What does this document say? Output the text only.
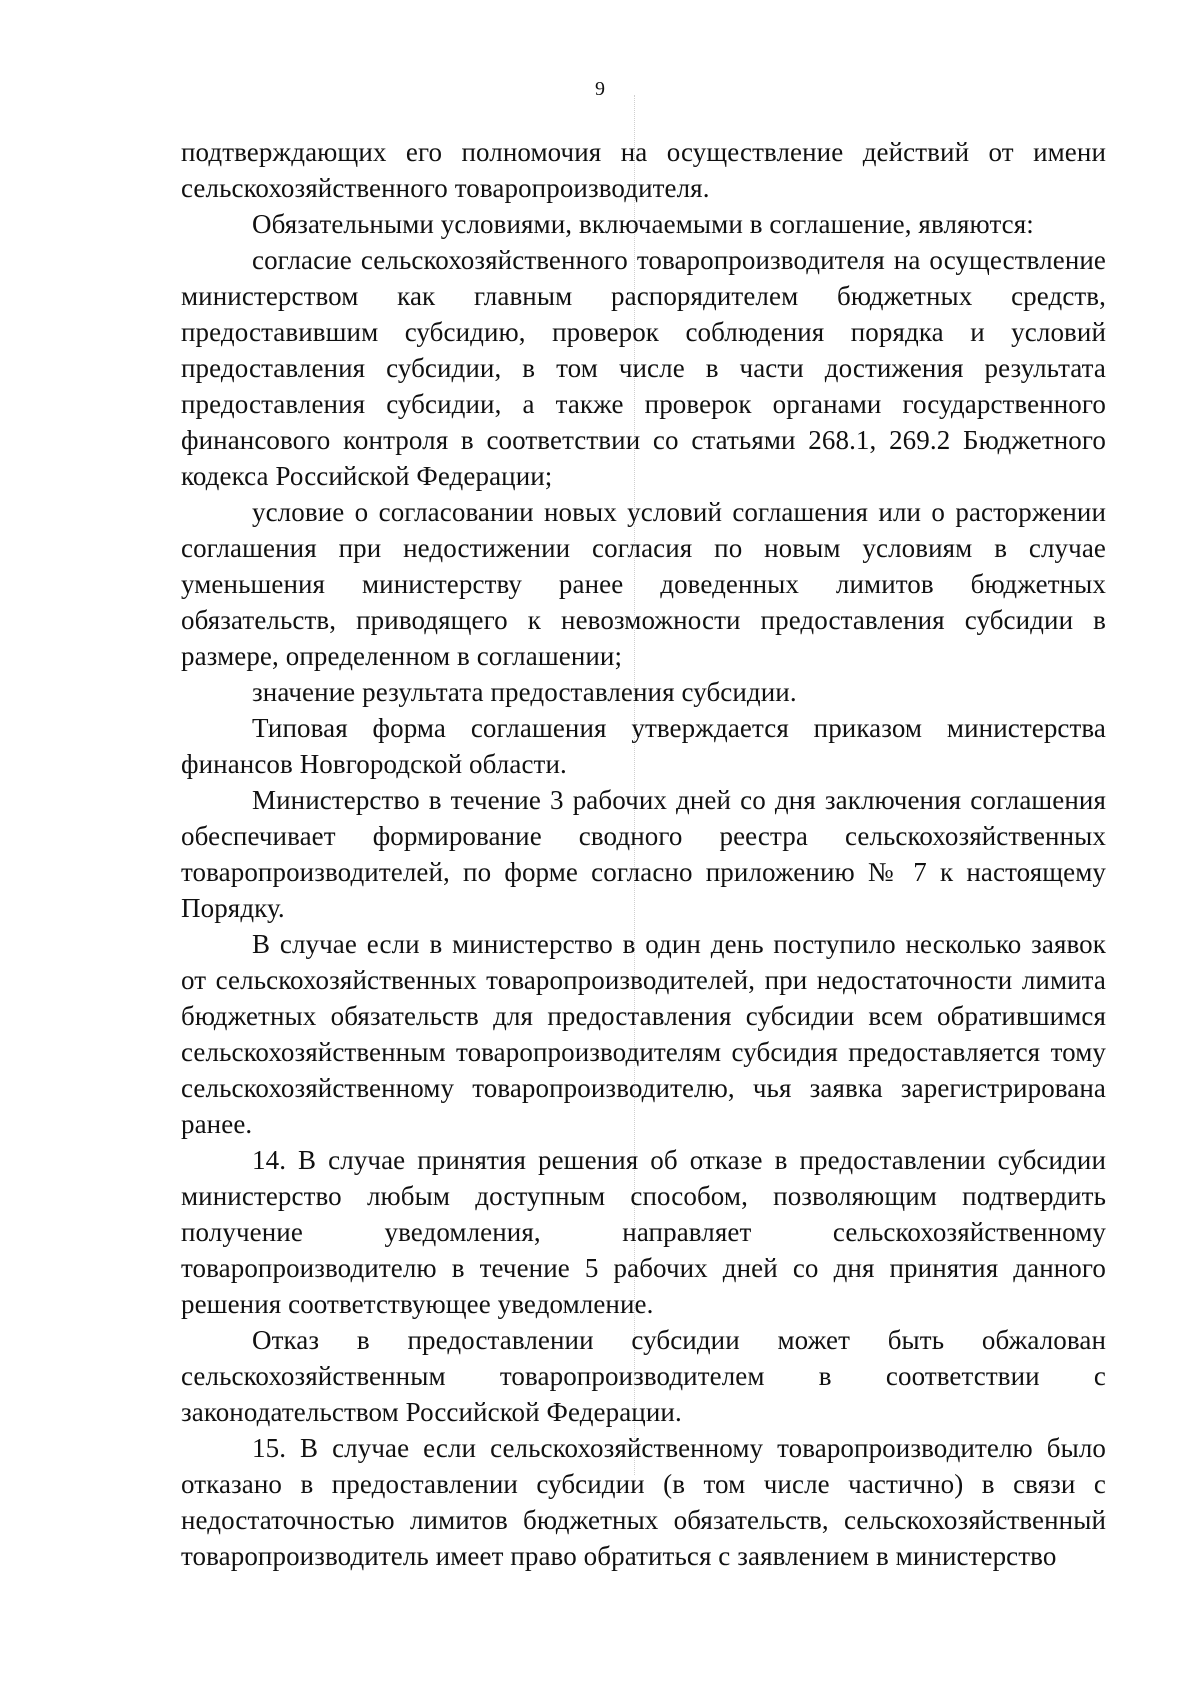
9

подтверждающих его полномочия на осуществление действий от имени сельскохозяйственного товаропроизводителя.

Обязательными условиями, включаемыми в соглашение, являются:

согласие сельскохозяйственного товаропроизводителя на осуществление министерством как главным распорядителем бюджетных средств, предоставившим субсидию, проверок соблюдения порядка и условий предоставления субсидии, в том числе в части достижения результата предоставления субсидии, а также проверок органами государственного финансового контроля в соответствии со статьями 268.1, 269.2 Бюджетного кодекса Российской Федерации;

условие о согласовании новых условий соглашения или о расторжении соглашения при недостижении согласия по новым условиям в случае уменьшения министерству ранее доведенных лимитов бюджетных обязательств, приводящего к невозможности предоставления субсидии в размере, определенном в соглашении;

значение результата предоставления субсидии.

Типовая форма соглашения утверждается приказом министерства финансов Новгородской области.

Министерство в течение 3 рабочих дней со дня заключения соглашения обеспечивает формирование сводного реестра сельскохозяйственных товаропроизводителей, по форме согласно приложению № 7 к настоящему Порядку.

В случае если в министерство в один день поступило несколько заявок от сельскохозяйственных товаропроизводителей, при недостаточности лимита бюджетных обязательств для предоставления субсидии всем обратившимся сельскохозяйственным товаропроизводителям субсидия предоставляется тому сельскохозяйственному товаропроизводителю, чья заявка зарегистрирована ранее.

14. В случае принятия решения об отказе в предоставлении субсидии министерство любым доступным способом, позволяющим подтвердить получение уведомления, направляет сельскохозяйственному товаропроизводителю в течение 5 рабочих дней со дня принятия данного решения соответствующее уведомление.

Отказ в предоставлении субсидии может быть обжалован сельскохозяйственным товаропроизводителем в соответствии с законодательством Российской Федерации.

15. В случае если сельскохозяйственному товаропроизводителю было отказано в предоставлении субсидии (в том числе частично) в связи с недостаточностью лимитов бюджетных обязательств, сельскохозяйственный товаропроизводитель имеет право обратиться с заявлением в министерство
